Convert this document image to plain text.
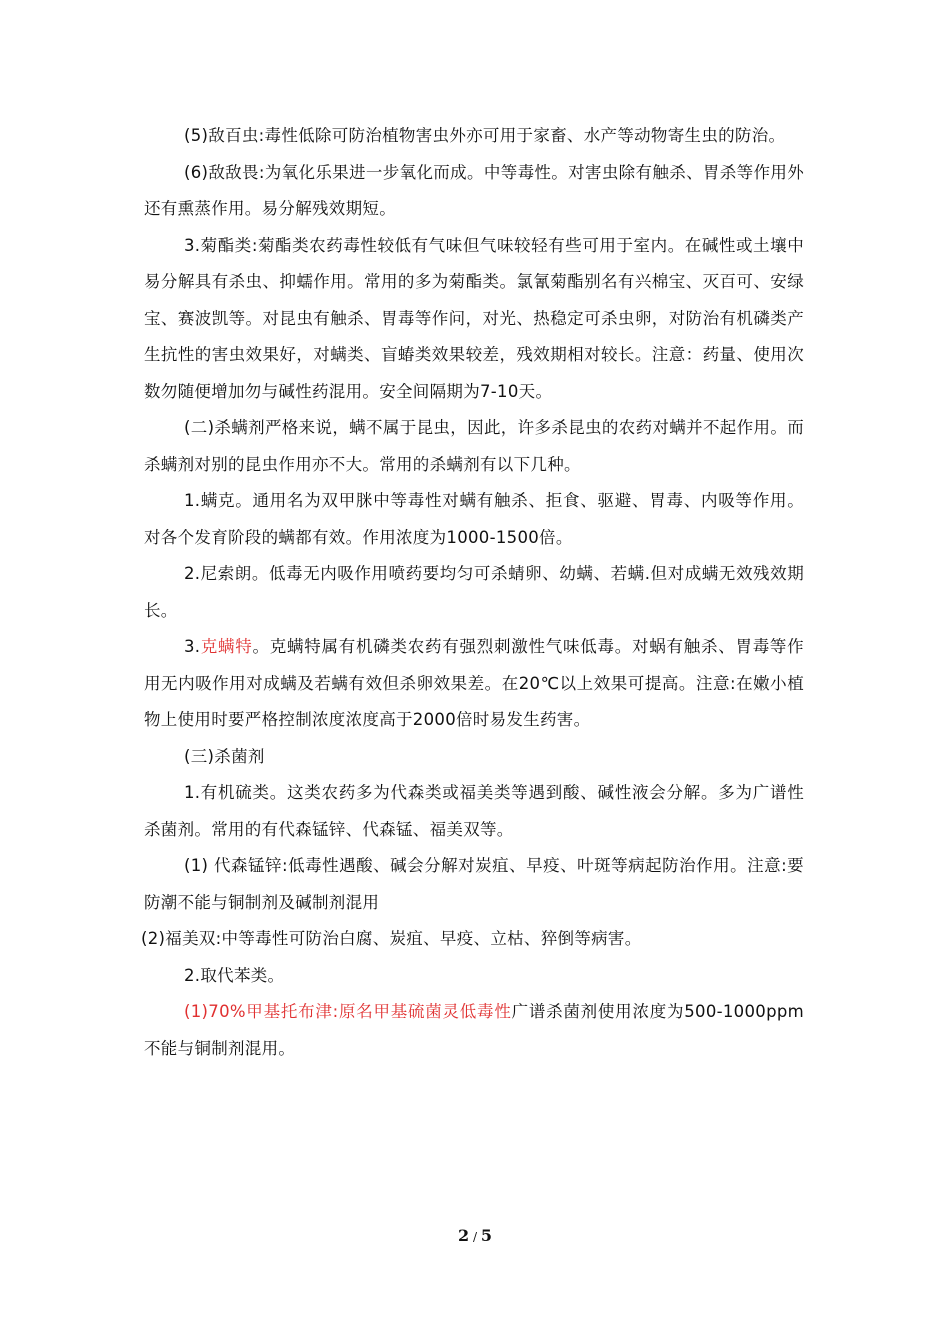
(5)敌百虫:毒性低除可防治植物害虫外亦可用于家畜、水产等动物寄生虫的防治。

(6)敌敌畏:为氧化乐果进一步氧化而成。中等毒性。对害虫除有触杀、胃杀等作用外还有熏蒸作用。易分解残效期短。

3.菊酯类:菊酯类农药毒性较低有气味但气味较轻有些可用于室内。在碱性或土壤中易分解具有杀虫、抑蠕作用。常用的多为菊酯类。氯氰菊酯别名有兴棉宝、灭百可、安绿宝、赛波凯等。对昆虫有触杀、胃毒等作问，对光、热稳定可杀虫卵，对防治有机磷类产生抗性的害虫效果好，对螨类、盲蝽类效果较差，残效期相对较长。注意：药量、使用次数勿随便增加勿与碱性药混用。安全间隔期为7-10天。

(二)杀螨剂严格来说，螨不属于昆虫，因此，许多杀昆虫的农药对螨并不起作用。而杀螨剂对别的昆虫作用亦不大。常用的杀螨剂有以下几种。

1.螨克。通用名为双甲脒中等毒性对螨有触杀、拒食、驱避、胃毒、内吸等作用。对各个发育阶段的螨都有效。作用浓度为1000-1500倍。

2.尼索朗。低毒无内吸作用喷药要均匀可杀蜻卵、幼螨、若螨.但对成螨无效残效期长。

3.克螨特。克螨特属有机磷类农药有强烈刺激性气味低毒。对蜗有触杀、胃毒等作用无内吸作用对成螨及若螨有效但杀卵效果差。在20℃以上效果可提高。注意:在嫩小植物上使用时要严格控制浓度浓度高于2000倍时易发生药害。

(三)杀菌剂

1.有机硫类。这类农药多为代森类或福美类等遇到酸、碱性液会分解。多为广谱性杀菌剂。常用的有代森锰锌、代森锰、福美双等。

(1) 代森锰锌:低毒性遇酸、碱会分解对炭疽、早疫、叶斑等病起防治作用。注意:要防潮不能与铜制剂及碱制剂混用

(2)福美双:中等毒性可防治白腐、炭疽、早疫、立枯、猝倒等病害。

2.取代苯类。

(1)70%甲基托布津:原名甲基硫菌灵低毒性广谱杀菌剂使用浓度为500-1000ppm不能与铜制剂混用。

2 / 5
